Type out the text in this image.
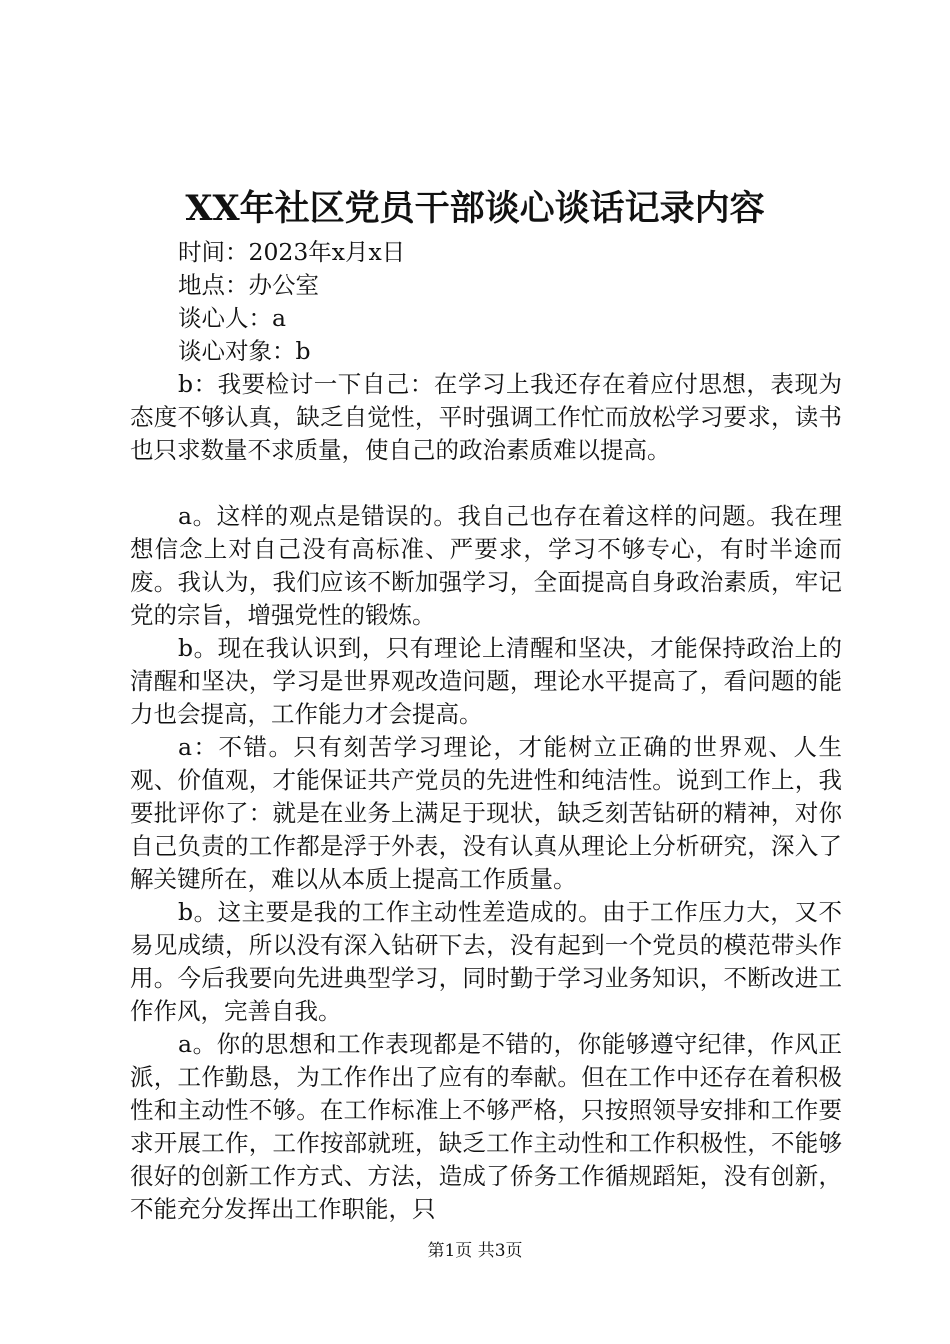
XX年社区党员干部谈心谈话记录内容

时间：2023年x月x日

地点：办公室

谈心人：a

谈心对象：b

b：我要检讨一下自己：在学习上我还存在着应付思想，表现为态度不够认真，缺乏自觉性，平时强调工作忙而放松学习要求，读书也只求数量不求质量，使自己的政治素质难以提高。

a。这样的观点是错误的。我自己也存在着这样的问题。我在理想信念上对自己没有高标准、严要求，学习不够专心，有时半途而废。我认为，我们应该不断加强学习，全面提高自身政治素质，牢记党的宗旨，增强党性的锻炼。

b。现在我认识到，只有理论上清醒和坚决，才能保持政治上的清醒和坚决，学习是世界观改造问题，理论水平提高了，看问题的能力也会提高，工作能力才会提高。

a：不错。只有刻苦学习理论，才能树立正确的世界观、人生观、价值观，才能保证共产党员的先进性和纯洁性。说到工作上，我要批评你了：就是在业务上满足于现状，缺乏刻苦钻研的精神，对你自己负责的工作都是浮于外表，没有认真从理论上分析研究，深入了解关键所在，难以从本质上提高工作质量。

b。这主要是我的工作主动性差造成的。由于工作压力大，又不易见成绩，所以没有深入钻研下去，没有起到一个党员的模范带头作用。今后我要向先进典型学习，同时勤于学习业务知识，不断改进工作作风，完善自我。

a。你的思想和工作表现都是不错的，你能够遵守纪律，作风正派，工作勤恳，为工作作出了应有的奉献。但在工作中还存在着积极性和主动性不够。在工作标准上不够严格，只按照领导安排和工作要求开展工作，工作按部就班，缺乏工作主动性和工作积极性，不能够很好的创新工作方式、方法，造成了侨务工作循规蹈矩，没有创新，不能充分发挥出工作职能，只

第1页 共3页
